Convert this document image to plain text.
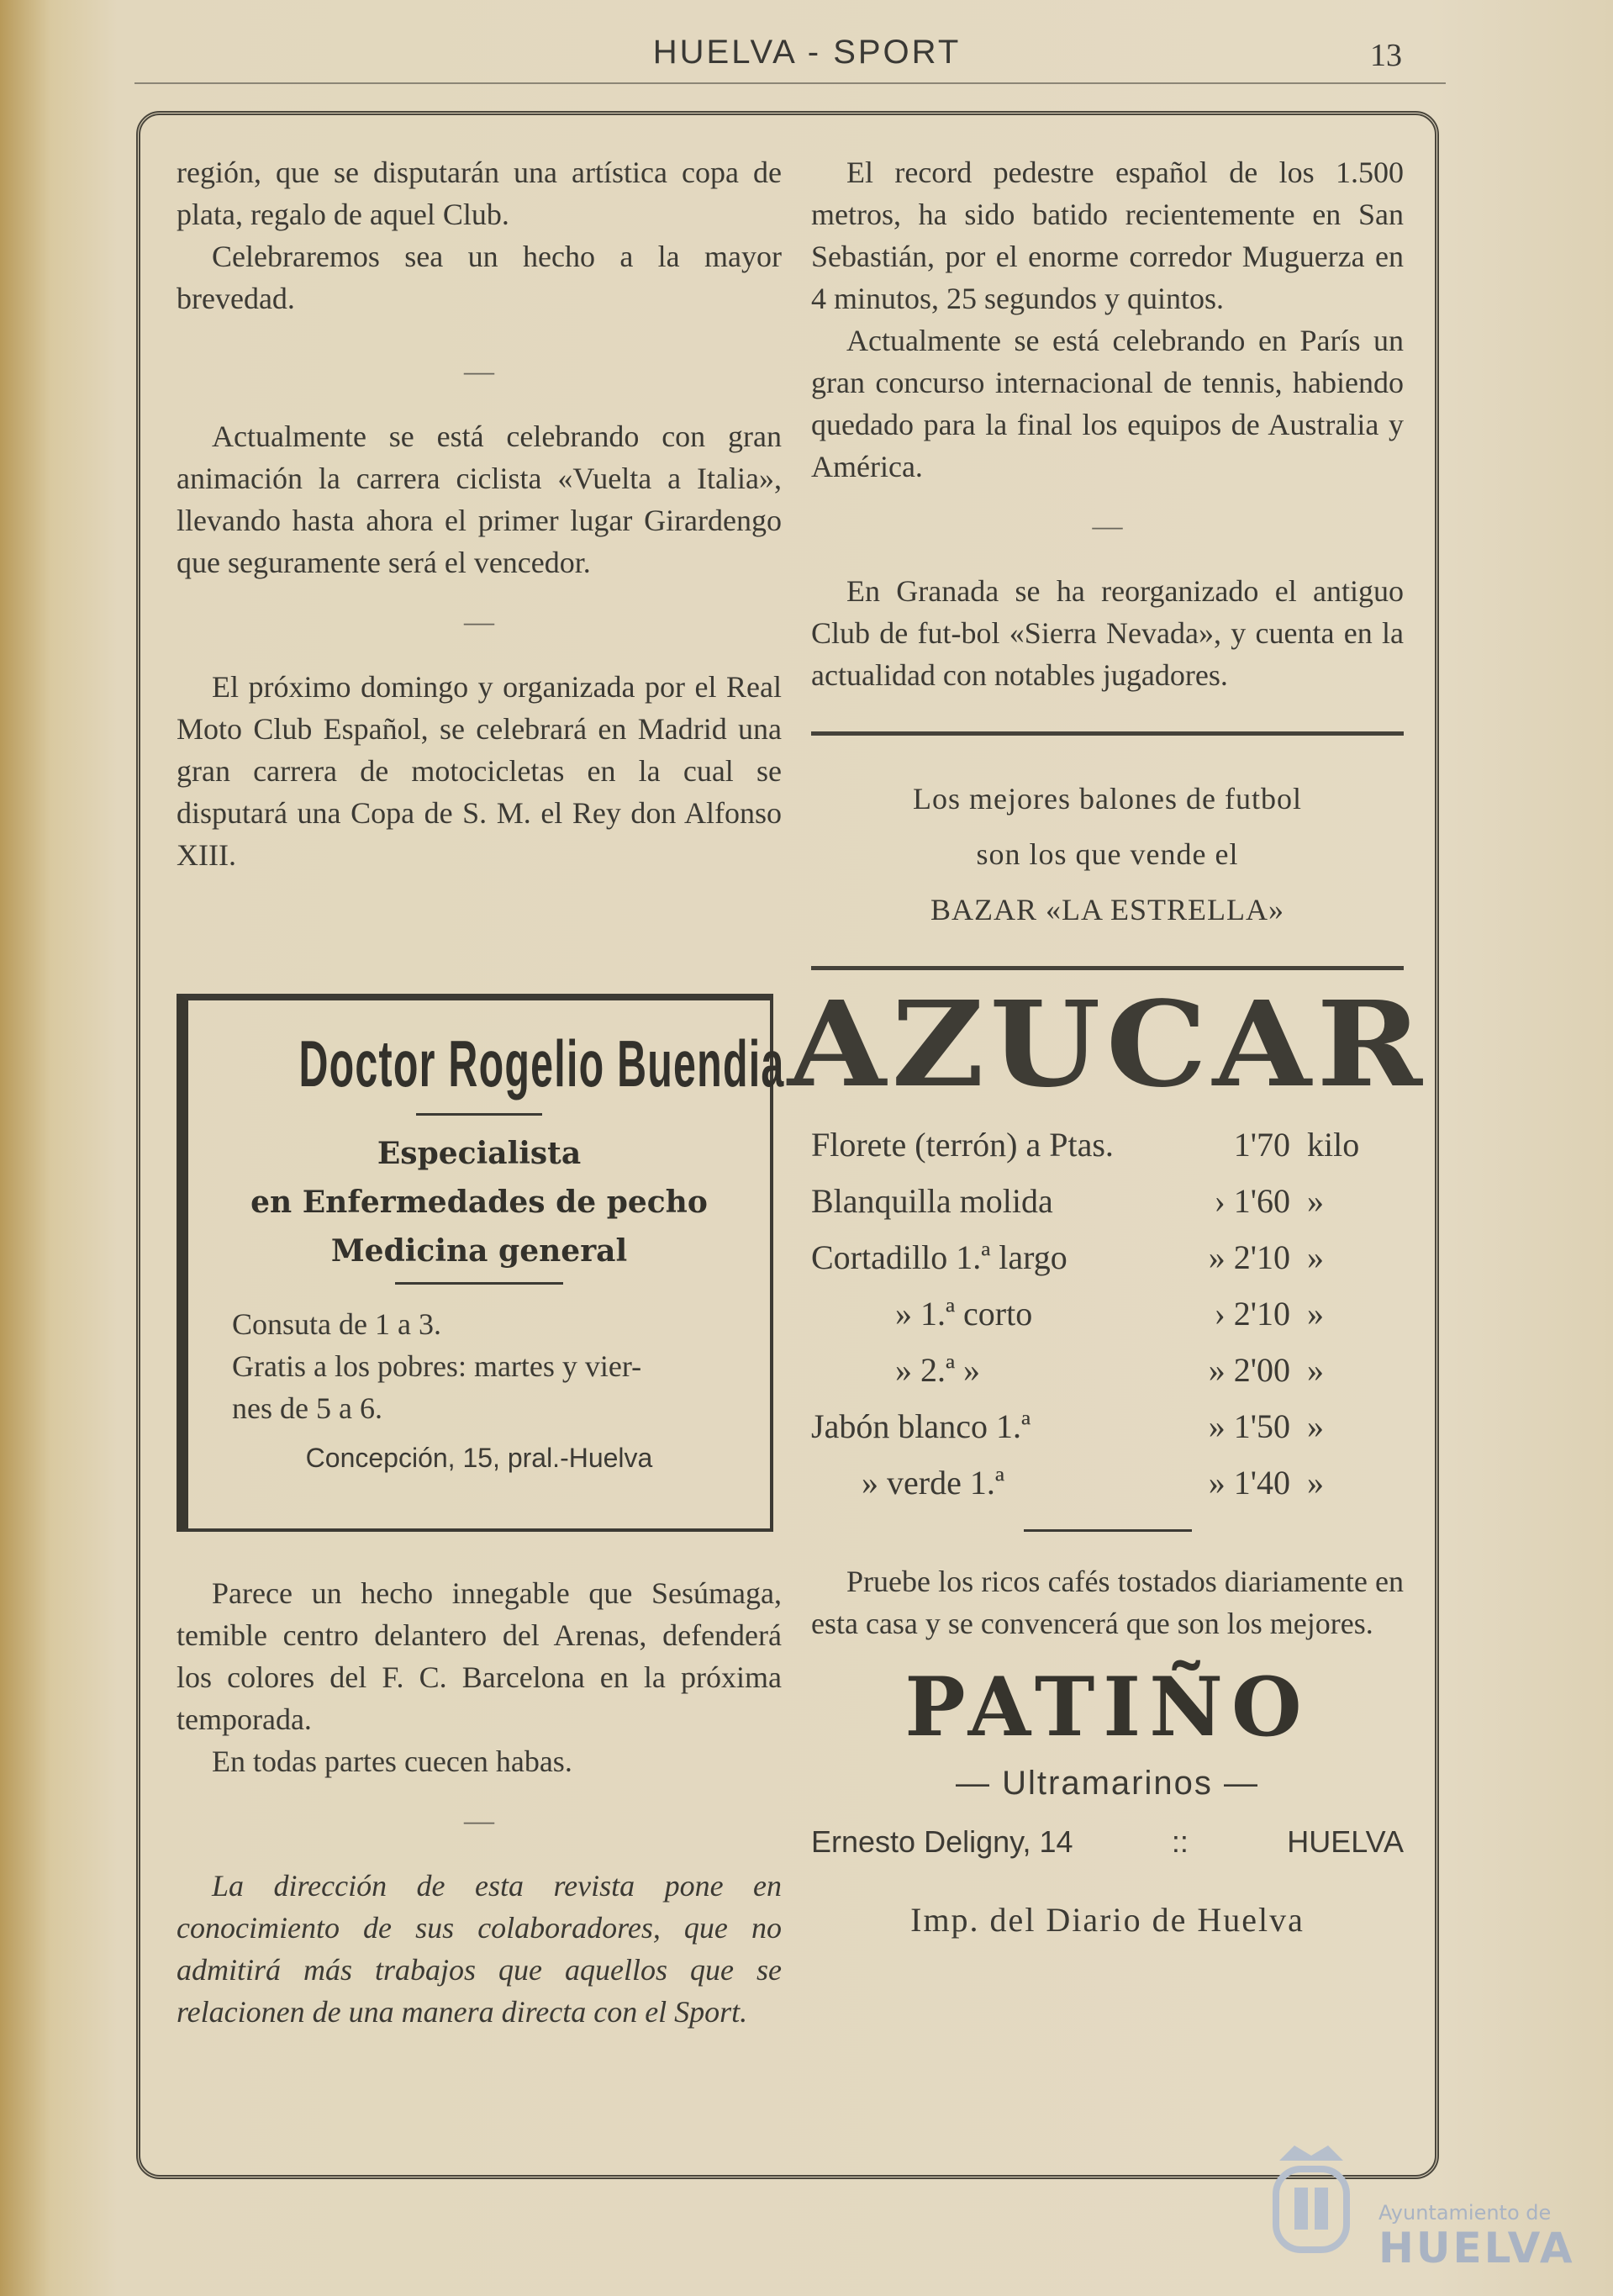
HUELVA - SPORT	13

región, que se disputarán una artística copa de plata, regalo de aquel Club.

Celebraremos sea un hecho a la mayor brevedad.

—

Actualmente se está celebrando con gran animación la carrera ciclista «Vuelta a Italia», llevando hasta ahora el primer lugar Girardengo que seguramente será el vencedor.

—

El próximo domingo y organizada por el Real Moto Club Español, se celebrará en Madrid una gran carrera de motocicletas en la cual se disputará una Copa de S. M. el Rey don Alfonso XIII.

Doctor Rogelio Buendia
Especialista
en Enfermedades de pecho
Medicina general
Consuta de 1 a 3.
Gratis a los pobres: martes y vier-
nes de 5 a 6.
Concepción, 15, pral.-Huelva

Parece un hecho innegable que Sesúmaga, temible centro delantero del Arenas, defenderá los colores del F. C. Barcelona en la próxima temporada.

En todas partes cuecen habas.

—

La dirección de esta revista pone en conocimiento de sus colaboradores, que no admitirá más trabajos que aquellos que se relacionen de una manera directa con el Sport.

El record pedestre español de los 1.500 metros, ha sido batido recientemente en San Sebastián, por el enorme corredor Muguerza en 4 minutos, 25 segundos y quintos.

Actualmente se está celebrando en París un gran concurso internacional de tennis, habiendo quedado para la final los equipos de Australia y América.

—

En Granada se ha reorganizado el antiguo Club de fut-bol «Sierra Nevada», y cuenta en la actualidad con notables jugadores.

Los mejores balones de futbol
son los que vende el
BAZAR «LA ESTRELLA»
AZUCAR
Florete (terrón) a Ptas.	1'70 kilo
Blanquilla molida	› 1'60 »
Cortadillo 1.ª largo	» 2'10 »
» 1.ª corto	› 2'10 »
» 2.ª »	» 2'00 »
Jabón blanco 1.ª	» 1'50 »
» verde 1.ª	» 1'40 »

Pruebe los ricos cafés tostados diariamente en esta casa y se convencerá que son los mejores.

PATIÑO
— Ultramarinos —
Ernesto Deligny, 14	::	HUELVA
Imp. del Diario de Huelva
Ayuntamiento de
HUELVA
